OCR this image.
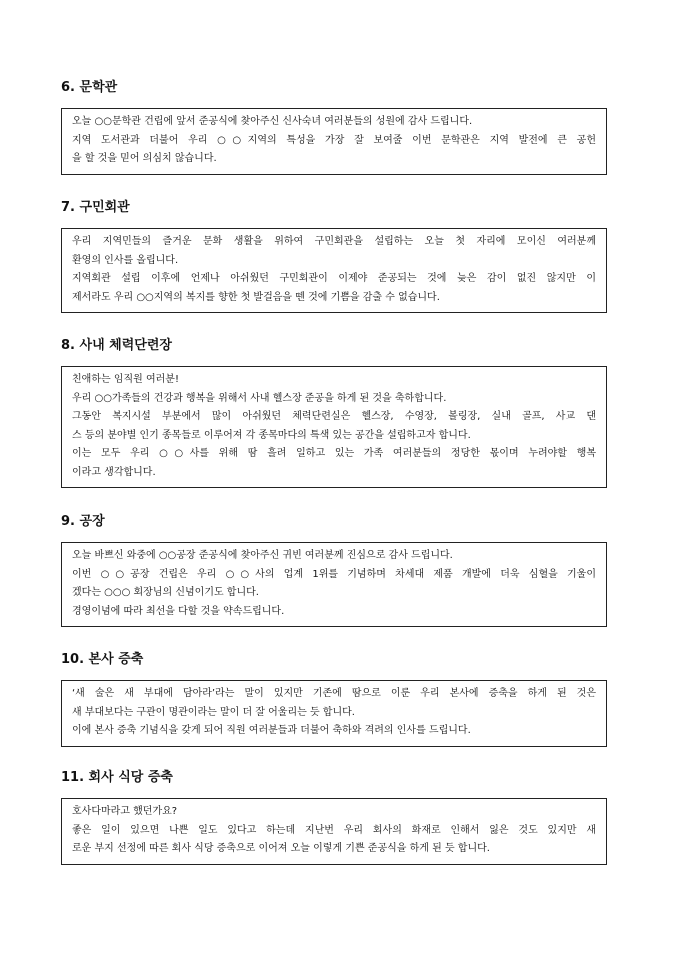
6. 문학관
오늘 ○○문학관 건립에 앞서 준공식에 찾아주신 신사숙녀 여러분들의 성원에 감사 드립니다.
지역 도서관과 더불어 우리 ○○지역의 특성을 가장 잘 보여줄 이번 문학관은 지역 발전에 큰 공헌
을 할 것을 믿어 의심치 않습니다.
7. 구민회관
우리 지역민들의 즐거운 문화 생활을 위하여 구민회관을 설립하는 오늘 첫 자리에 모이신 여러분께
환영의 인사를 올립니다.
지역회관 설립 이후에 언제나 아쉬웠던 구민회관이 이제야 준공되는 것에 늦은 감이 없진 않지만 이
제서라도 우리 ○○지역의 복지를 향한 첫 발걸음을 뗀 것에 기쁨을 감출 수 없습니다.
8. 사내 체력단련장
친애하는 임직원 여러분!
우리 ○○가족들의 건강과 행복을 위해서 사내 헬스장 준공을 하게 된 것을 축하합니다.
그동안 복지시설 부분에서 많이 아쉬웠던 체력단련실은 헬스장, 수영장, 볼링장, 실내 골프, 사교 댄
스 등의 분야별 인기 종목들로 이루어져 각 종목마다의 특색 있는 공간을 설립하고자 합니다.
이는 모두 우리 ○○사를 위해 땀 흘려 일하고 있는 가족 여러분들의 정당한 몫이며 누려야할 행복
이라고 생각합니다.
9. 공장
오늘 바쁘신 와중에 ○○공장 준공식에 찾아주신 귀빈 여러분께 진심으로 감사 드립니다.
이번 ○○공장 건립은 우리 ○○사의 업계 1위를 기념하며 차세대 제품 개발에 더욱 심혈을 기울이
겠다는 ○○○ 회장님의 신념이기도 합니다.
경영이념에 따라 최선을 다할 것을 약속드립니다.
10. 본사 증축
‘새 술은 새 부대에 담아라’라는 말이 있지만 기존에 땀으로 이룬 우리 본사에 증축을 하게 된 것은
새 부대보다는 구관이 명관이라는 말이 더 잘 어울리는 듯 합니다.
이에 본사 증축 기념식을 갖게 되어 직원 여러분들과 더불어 축하와 격려의 인사를 드립니다.
11. 회사 식당 증축
호사다마라고 했던가요?
좋은 일이 있으면 나쁜 일도 있다고 하는데 지난번 우리 회사의 화재로 인해서 잃은 것도 있지만 새
로운 부지 선정에 따른 회사 식당 증축으로 이어져 오늘 이렇게 기쁜 준공식을 하게 된 듯 합니다.
